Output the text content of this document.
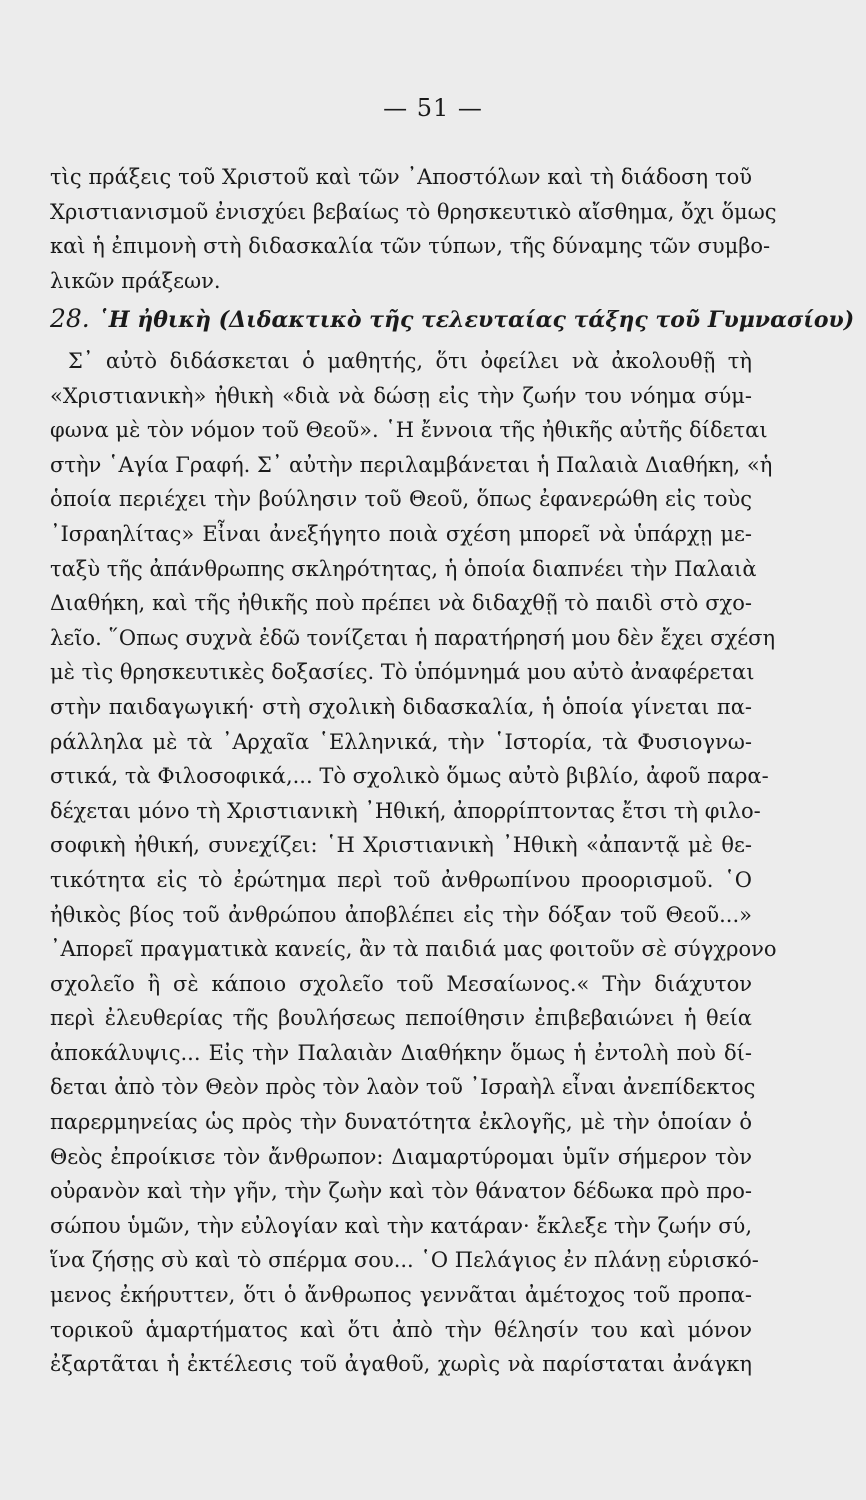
— 51 —
τὶς πράξεις τοῦ Χριστοῦ καὶ τῶν ᾿Αποστόλων καὶ τὴ διάδοση τοῦ
Χριστιανισμοῦ ἐνισχύει βεβαίως τὸ θρησκευτικὸ αἴσθημα, ὄχι ὅμως
καὶ ἡ ἐπιμονὴ στὴ διδασκαλία τῶν τύπων, τῆς δύναμης τῶν συμβο-
λικῶν πράξεων.
28. ῾Η ἠθικὴ (Διδακτικὸ τῆς τελευταίας τάξης τοῦ Γυμνασίου)
Σ᾿ αὐτὸ διδάσκεται ὁ μαθητής, ὅτι ὀφείλει νὰ ἀκολουθῇ τὴ
«Χριστιανικὴ» ἠθικὴ «διὰ νὰ δώσῃ εἰς τὴν ζωήν του νόημα σύμ-
φωνα μὲ τὸν νόμον τοῦ Θεοῦ». ῾Η ἔννοια τῆς ἠθικῆς αὐτῆς δίδεται
στὴν ῾Αγία Γραφή. Σ᾿ αὐτὴν περιλαμβάνεται ἡ Παλαιὰ Διαθήκη, «ἡ
ὁποία περιέχει τὴν βούλησιν τοῦ Θεοῦ, ὅπως ἐφανερώθη εἰς τοὺς
᾿Ισραηλίτας» Εἶναι ἀνεξήγητο ποιὰ σχέση μπορεῖ νὰ ὑπάρχῃ με-
ταξὺ τῆς ἀπάνθρωπης σκληρότητας, ἡ ὁποία διαπνέει τὴν Παλαιὰ
Διαθήκη, καὶ τῆς ἠθικῆς ποὺ πρέπει νὰ διδαχθῇ τὸ παιδὶ στὸ σχο-
λεῖο. ῞Οπως συχνὰ ἐδῶ τονίζεται ἡ παρατήρησή μου δὲν ἔχει σχέση
μὲ τὶς θρησκευτικὲς δοξασίες. Τὸ ὑπόμνημά μου αὐτὸ ἀναφέρεται
στὴν παιδαγωγική· στὴ σχολικὴ διδασκαλία, ἡ ὁποία γίνεται πα-
ράλληλα μὲ τὰ ᾿Αρχαῖα ῾Ελληνικά, τὴν ῾Ιστορία, τὰ Φυσιογνω-
στικά, τὰ Φιλοσοφικά,... Τὸ σχολικὸ ὅμως αὐτὸ βιβλίο, ἀφοῦ παρα-
δέχεται μόνο τὴ Χριστιανικὴ ᾿Ηθική, ἀπορρίπτοντας ἔτσι τὴ φιλο-
σοφικὴ ἠθική, συνεχίζει: ῾Η Χριστιανικὴ ᾿Ηθικὴ «ἀπαντᾷ μὲ θε-
τικότητα εἰς τὸ ἐρώτημα περὶ τοῦ ἀνθρωπίνου προορισμοῦ. ῾Ο
ἠθικὸς βίος τοῦ ἀνθρώπου ἀποβλέπει εἰς τὴν δόξαν τοῦ Θεοῦ...»
᾿Απορεῖ πραγματικὰ κανείς, ἂν τὰ παιδιά μας φοιτοῦν σὲ σύγχρονο
σχολεῖο ἢ σὲ κάποιο σχολεῖο τοῦ Μεσαίωνος.« Τὴν διάχυτον
περὶ ἐλευθερίας τῆς βουλήσεως πεποίθησιν ἐπιβεβαιώνει ἡ θεία
ἀποκάλυψις... Εἰς τὴν Παλαιὰν Διαθήκην ὅμως ἡ ἐντολὴ ποὺ δί-
δεται ἀπὸ τὸν Θεὸν πρὸς τὸν λαὸν τοῦ ᾿Ισραὴλ εἶναι ἀνεπίδεκτος
παρερμηνείας ὡς πρὸς τὴν δυνατότητα ἐκλογῆς, μὲ τὴν ὁποίαν ὁ
Θεὸς ἐπροίκισε τὸν ἄνθρωπον: Διαμαρτύρομαι ὑμῖν σήμερον τὸν
οὐρανὸν καὶ τὴν γῆν, τὴν ζωὴν καὶ τὸν θάνατον δέδωκα πρὸ προ-
σώπου ὑμῶν, τὴν εὐλογίαν καὶ τὴν κατάραν· ἔκλεξε τὴν ζωήν σύ,
ἵνα ζήσῃς σὺ καὶ τὸ σπέρμα σου... ῾Ο Πελάγιος ἐν πλάνῃ εὑρισκό-
μενος ἐκήρυττεν, ὅτι ὁ ἄνθρωπος γεννᾶται ἀμέτοχος τοῦ προπα-
τορικοῦ ἁμαρτήματος καὶ ὅτι ἀπὸ τὴν θέλησίν του καὶ μόνον
ἐξαρτᾶται ἡ ἐκτέλεσις τοῦ ἀγαθοῦ, χωρὶς νὰ παρίσταται ἀνάγκη
